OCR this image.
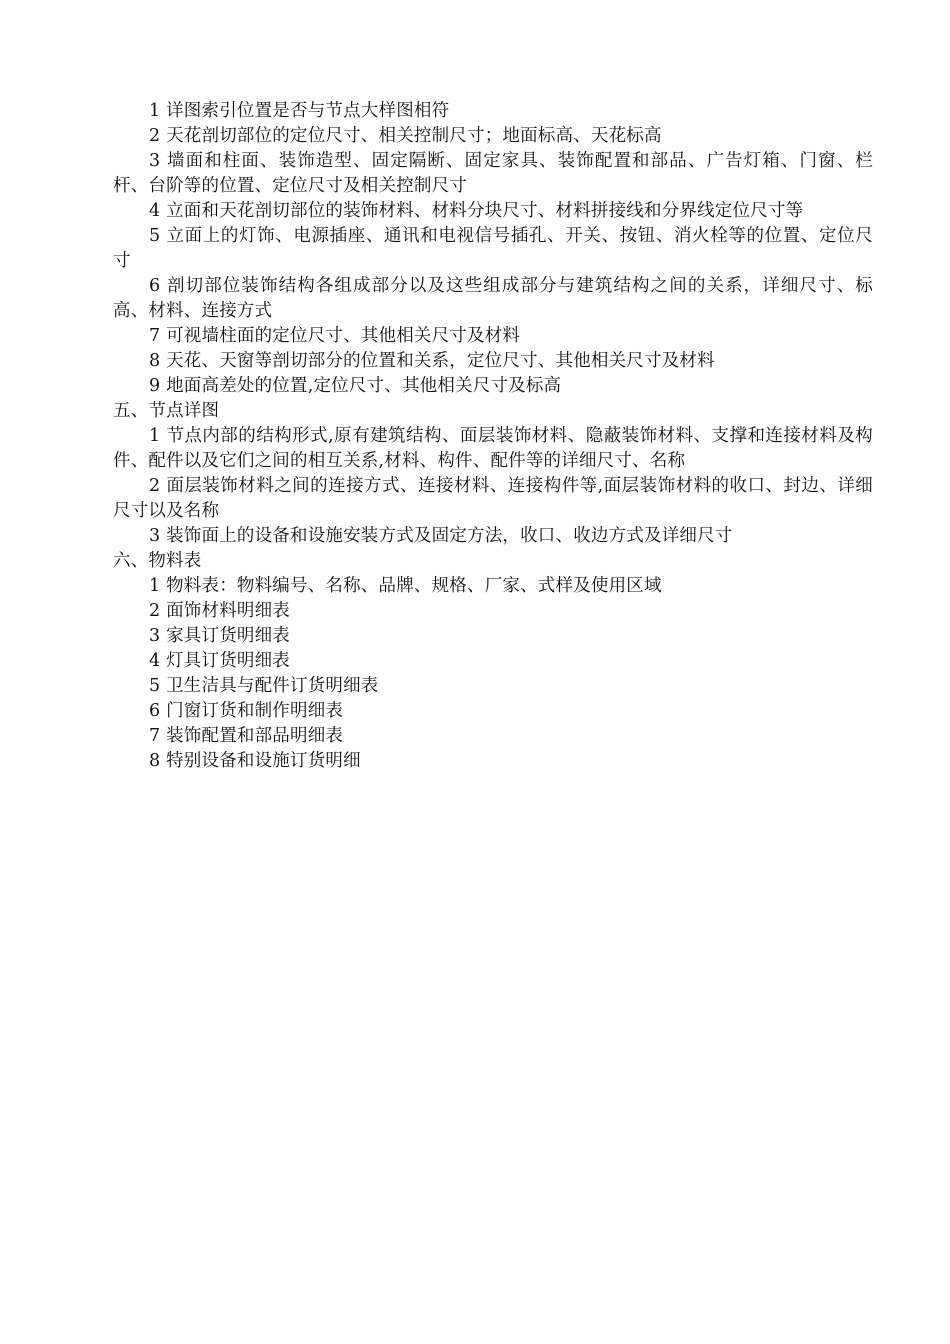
1 详图索引位置是否与节点大样图相符

2 天花剖切部位的定位尺寸、相关控制尺寸；地面标高、天花标高

3 墙面和柱面、装饰造型、固定隔断、固定家具、装饰配置和部品、广告灯箱、门窗、栏杆、台阶等的位置、定位尺寸及相关控制尺寸

4 立面和天花剖切部位的装饰材料、材料分块尺寸、材料拼接线和分界线定位尺寸等

5 立面上的灯饰、电源插座、通讯和电视信号插孔、开关、按钮、消火栓等的位置、定位尺寸

6 剖切部位装饰结构各组成部分以及这些组成部分与建筑结构之间的关系，详细尺寸、标高、材料、连接方式

7 可视墙柱面的定位尺寸、其他相关尺寸及材料

8 天花、天窗等剖切部分的位置和关系，定位尺寸、其他相关尺寸及材料

9 地面高差处的位置,定位尺寸、其他相关尺寸及标高

五、节点详图

1 节点内部的结构形式,原有建筑结构、面层装饰材料、隐蔽装饰材料、支撑和连接材料及构件、配件以及它们之间的相互关系,材料、构件、配件等的详细尺寸、名称

2 面层装饰材料之间的连接方式、连接材料、连接构件等,面层装饰材料的收口、封边、详细尺寸以及名称

3 装饰面上的设备和设施安装方式及固定方法，收口、收边方式及详细尺寸

六、物料表

1 物料表：物料编号、名称、品牌、规格、厂家、式样及使用区域

2 面饰材料明细表

3 家具订货明细表

4 灯具订货明细表

5 卫生洁具与配件订货明细表

6 门窗订货和制作明细表

7 装饰配置和部品明细表

8 特别设备和设施订货明细
